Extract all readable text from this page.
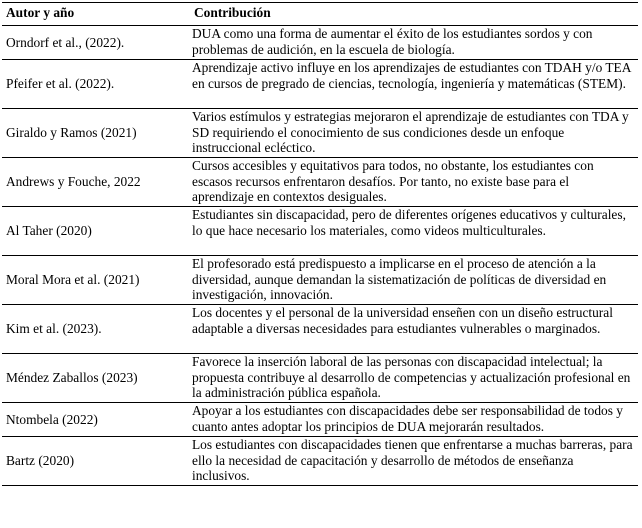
Autor y año	Contribución
Orndorf et al., (2022).	DUA como una forma de aumentar el éxito de los estudiantes sordos y con problemas de audición, en la escuela de biología.
Pfeifer et al. (2022).	Aprendizaje activo influye en los aprendizajes de estudiantes con TDAH y/o TEA en cursos de pregrado de ciencias, tecnología, ingeniería y matemáticas (STEM).
Giraldo y Ramos (2021)	Varios estímulos y estrategias mejoraron el aprendizaje de estudiantes con TDA y SD requiriendo el conocimiento de sus condiciones desde un enfoque instruccional ecléctico.
Andrews y Fouche, 2022	Cursos accesibles y equitativos para todos, no obstante, los estudiantes con escasos recursos enfrentaron desafíos. Por tanto, no existe base para el aprendizaje en contextos desiguales.
Al Taher (2020)	Estudiantes sin discapacidad, pero de diferentes orígenes educativos y culturales, lo que hace necesario los materiales, como videos multiculturales.
Moral Mora et al. (2021)	El profesorado está predispuesto a implicarse en el proceso de atención a la diversidad, aunque demandan la sistematización de políticas de diversidad en investigación, innovación.
Kim et al. (2023).	Los docentes y el personal de la universidad enseñen con un diseño estructural adaptable a diversas necesidades para estudiantes vulnerables o marginados.
Méndez Zaballos (2023)	Favorece la inserción laboral de las personas con discapacidad intelectual; la propuesta contribuye al desarrollo de competencias y actualización profesional en la administración pública española.
Ntombela (2022)	Apoyar a los estudiantes con discapacidades debe ser responsabilidad de todos y cuanto antes adoptar los principios de DUA mejorarán resultados.
Bartz (2020)	Los estudiantes con discapacidades tienen que enfrentarse a muchas barreras, para ello la necesidad de capacitación y desarrollo de métodos de enseñanza inclusivos.
